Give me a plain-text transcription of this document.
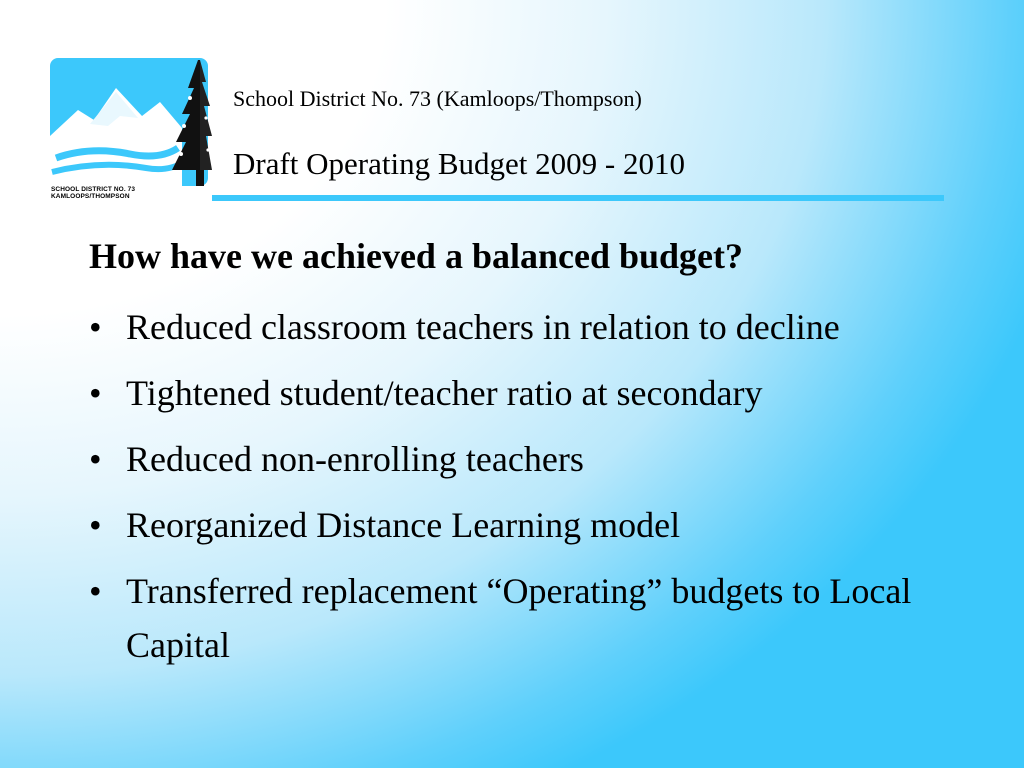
SCHOOL DISTRICT NO. 73
KAMLOOPS/THOMPSON
School District No. 73 (Kamloops/Thompson)
Draft Operating Budget 2009 - 2010
How have we achieved a balanced budget?
• Reduced classroom teachers in relation to decline
• Tightened student/teacher ratio at secondary
• Reduced non-enrolling teachers
• Reorganized Distance Learning model
• Transferred replacement “Operating” budgets to Local Capital
